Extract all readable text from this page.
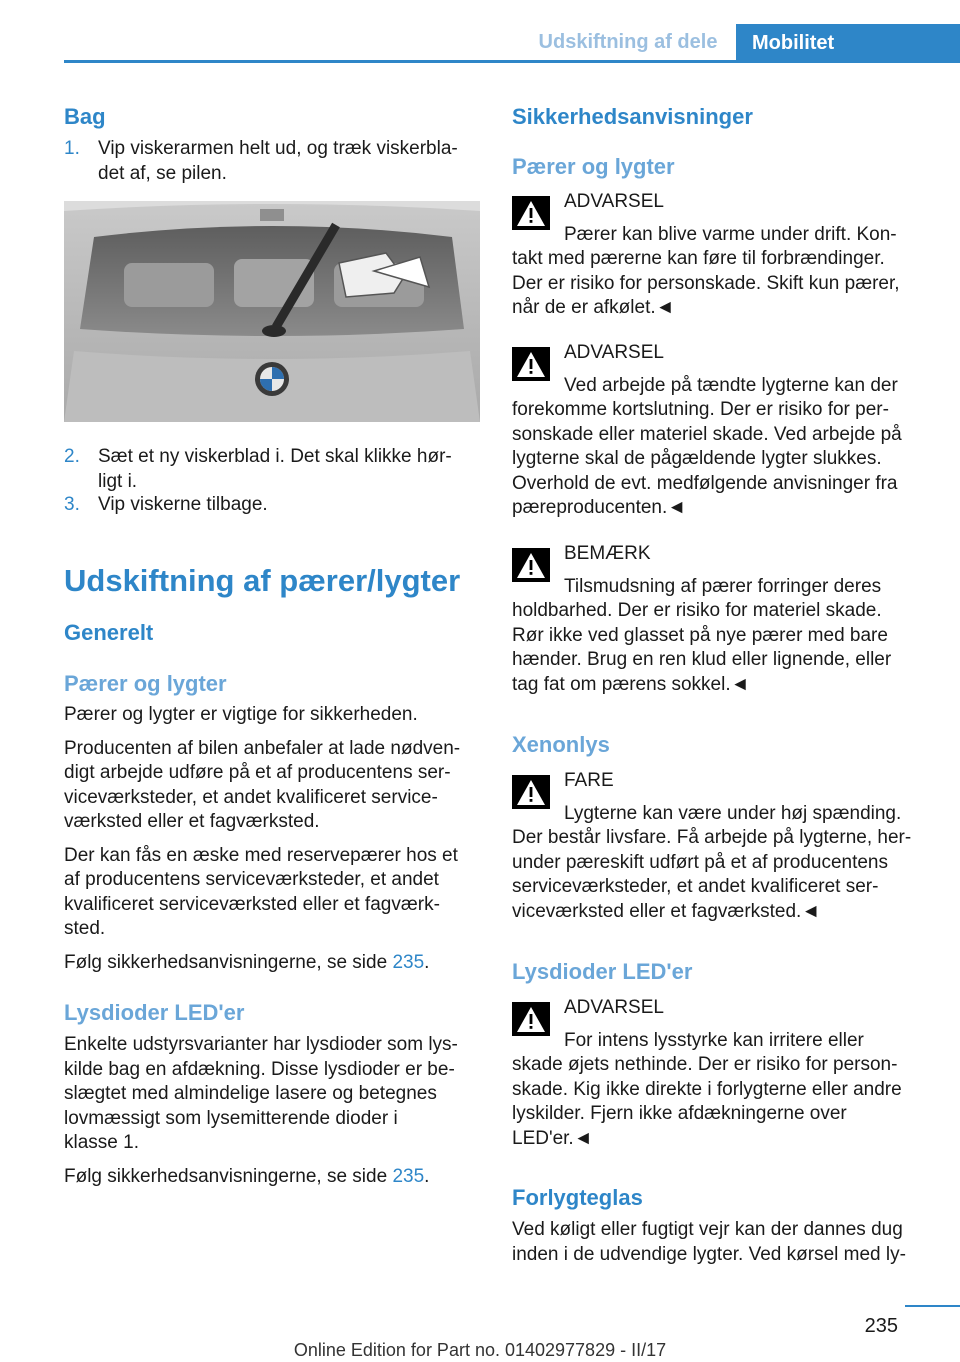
Udskiftning af dele	Mobilitet
Bag
1. Vip viskerarmen helt ud, og træk viskerbla‐

det af, se pilen.

2. Sæt et ny viskerblad i. Det skal klikke hør‐

ligt i.

3. Vip viskerne tilbage.

Udskiftning af pærer/lygter
Generelt
Pærer og lygter

Pærer og lygter er vigtige for sikkerheden.

Producenten af bilen anbefaler at lade nødven‐

digt arbejde udføre på et af producentens ser‐

viceværksteder, et andet kvalificeret service‐

værksted eller et fagværksted.

Der kan fås en æske med reservepærer hos et

af producentens serviceværksteder, et andet

kvalificeret serviceværksted eller et fagværk‐

sted.

Følg sikkerhedsanvisningerne, se side 235.

Lysdioder LED'er

Enkelte udstyrsvarianter har lysdioder som lys‐

kilde bag en afdækning. Disse lysdioder er be‐

slægtet med almindelige lasere og betegnes

lovmæssigt som lysemitterende dioder i

klasse 1.

Følg sikkerhedsanvisningerne, se side 235.

Sikkerhedsanvisninger
Pærer og lygter

ADVARSEL

Pærer kan blive varme under drift. Kon‐

takt med pærerne kan føre til forbrændinger.

Der er risiko for personskade. Skift kun pærer,

når de er afkølet.◄

ADVARSEL

Ved arbejde på tændte lygterne kan der

forekomme kortslutning. Der er risiko for per‐

sonskade eller materiel skade. Ved arbejde på

lygterne skal de pågældende lygter slukkes.

Overhold de evt. medfølgende anvisninger fra

pæreproducenten.◄

BEMÆRK

Tilsmudsning af pærer forringer deres

holdbarhed. Der er risiko for materiel skade.

Rør ikke ved glasset på nye pærer med bare

hænder. Brug en ren klud eller lignende, eller

tag fat om pærens sokkel.◄

Xenonlys

FARE

Lygterne kan være under høj spænding.

Der består livsfare. Få arbejde på lygterne, her‐

under pæreskift udført på et af producentens

serviceværksteder, et andet kvalificeret ser‐

viceværksted eller et fagværksted.◄

Lysdioder LED'er

ADVARSEL

For intens lysstyrke kan irritere eller

skade øjets nethinde. Der er risiko for person‐

skade. Kig ikke direkte i forlygterne eller andre

lyskilder. Fjern ikke afdækningerne over

LED'er.◄

Forlygteglas

Ved køligt eller fugtigt vejr kan der dannes dug

inden i de udvendige lygter. Ved kørsel med ly‐

235
Online Edition for Part no. 01402977829 - II/17
